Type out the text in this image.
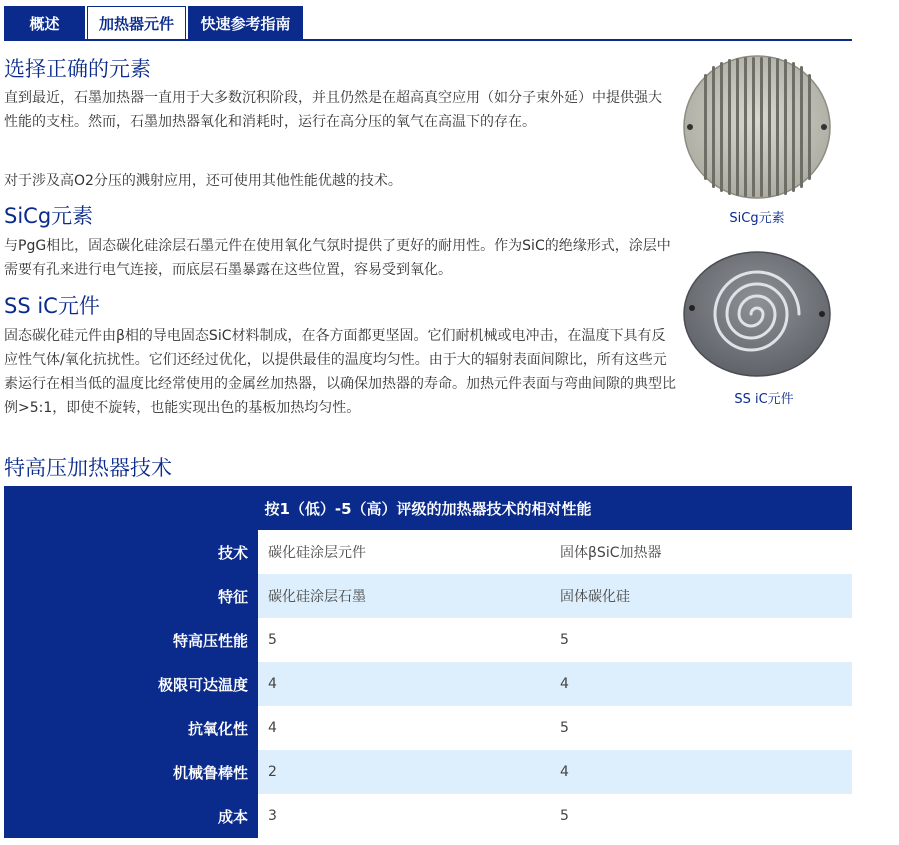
概述	加热器元件	快速参考指南
选择正确的元素

直到最近，石墨加热器一直用于大多数沉积阶段，并且仍然是在超高真空应用（如分子束外延）中提供强大性能的支柱。然而，石墨加热器氧化和消耗时，运行在高分压的氧气在高温下的存在。

对于涉及高O2分压的溅射应用，还可使用其他性能优越的技术。

SiCg元素

与PgG相比，固态碳化硅涂层石墨元件在使用氧化气氛时提供了更好的耐用性。作为SiC的绝缘形式，涂层中需要有孔来进行电气连接，而底层石墨暴露在这些位置，容易受到氧化。

SS iC元件

固态碳化硅元件由β相的导电固态SiC材料制成，在各方面都更坚固。它们耐机械或电冲击，在温度下具有反应性气体/氧化抗扰性。它们还经过优化，以提供最佳的温度均匀性。由于大的辐射表面间隙比，所有这些元素运行在相当低的温度比经常使用的金属丝加热器，以确保加热器的寿命。加热元件表面与弯曲间隙的典型比例>5:1，即使不旋转，也能实现出色的基板加热均匀性。

SiCg元素
SS iC元件
特高压加热器技术
按1（低）-5（高）评级的加热器技术的相对性能		
技术	碳化硅涂层元件	固体βSiC加热器
特征	碳化硅涂层石墨	固体碳化硅
特高压性能	5	5
极限可达温度	4	4
抗氧化性	4	5
机械鲁棒性	2	4
成本	3	5
